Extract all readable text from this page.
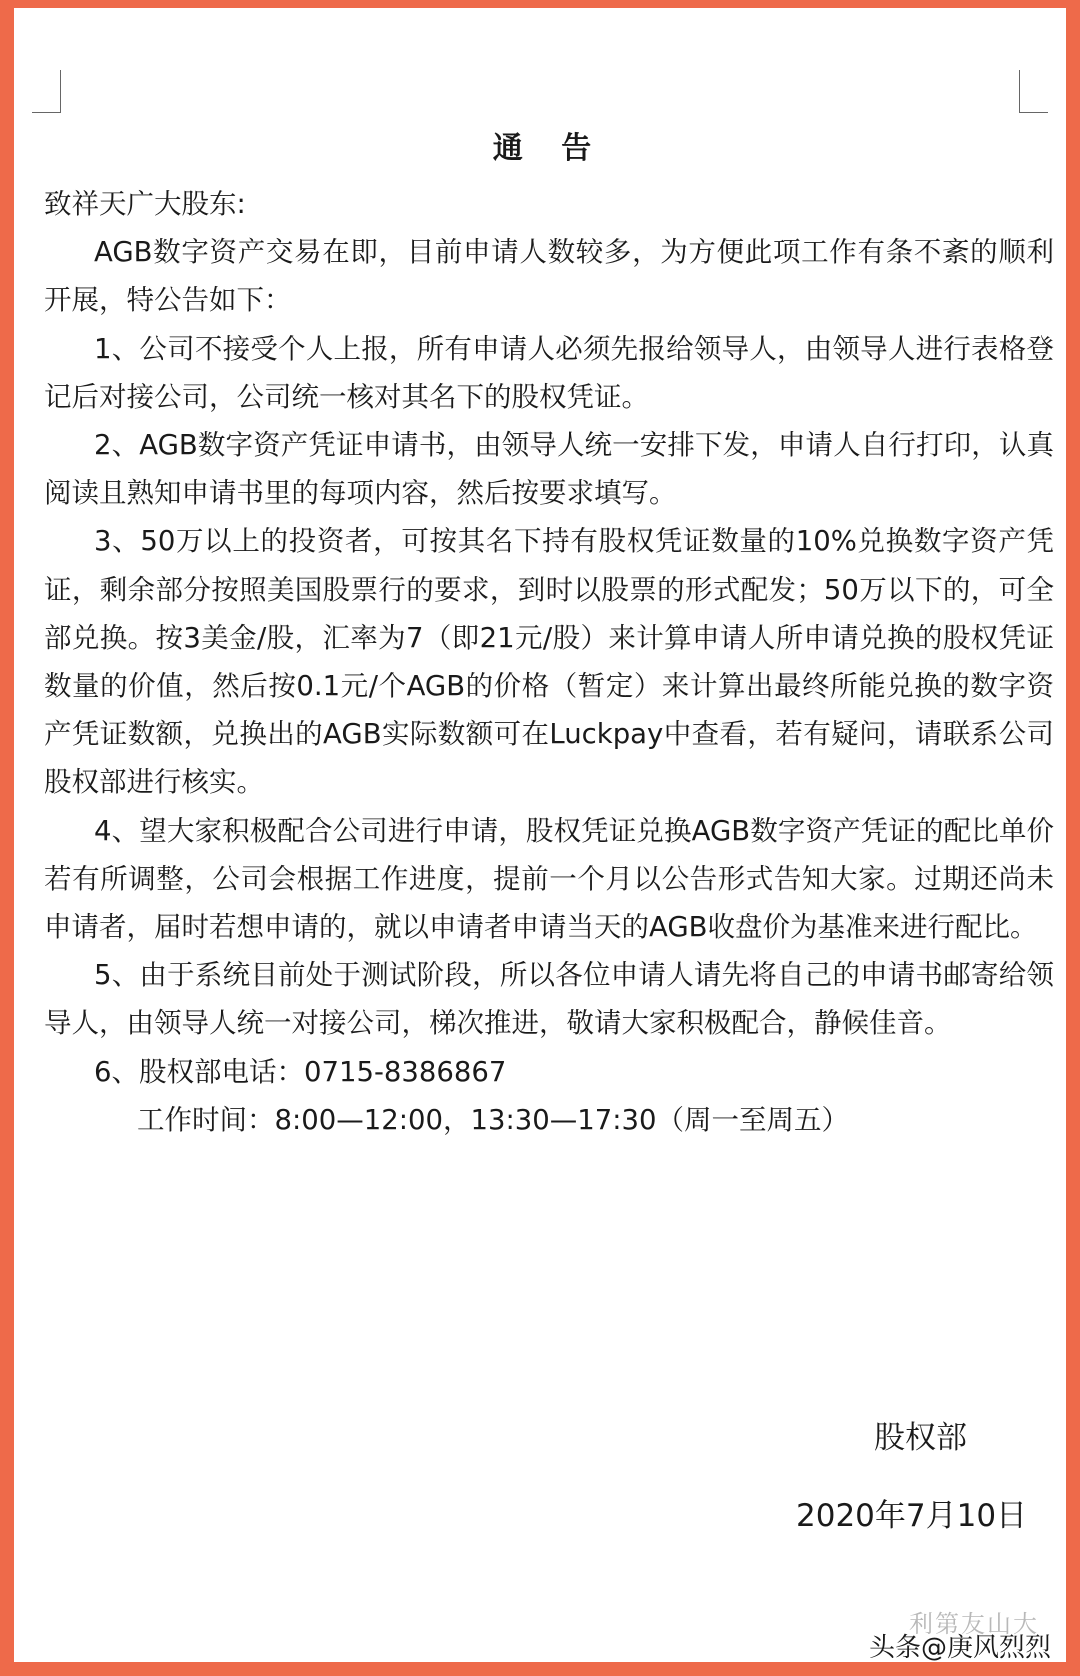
通 告

致祥天广大股东:

AGB数字资产交易在即，目前申请人数较多，为方便此项工作有条不紊的顺利开展，特公告如下：

1、公司不接受个人上报，所有申请人必须先报给领导人，由领导人进行表格登记后对接公司，公司统一核对其名下的股权凭证。

2、AGB数字资产凭证申请书，由领导人统一安排下发，申请人自行打印，认真阅读且熟知申请书里的每项内容，然后按要求填写。

3、50万以上的投资者，可按其名下持有股权凭证数量的10%兑换数字资产凭证，剩余部分按照美国股票行的要求，到时以股票的形式配发；50万以下的，可全部兑换。按3美金/股，汇率为7（即21元/股）来计算申请人所申请兑换的股权凭证数量的价值，然后按0.1元/个AGB的价格（暂定）来计算出最终所能兑换的数字资产凭证数额，兑换出的AGB实际数额可在Luckpay中查看，若有疑问，请联系公司股权部进行核实。

4、望大家积极配合公司进行申请，股权凭证兑换AGB数字资产凭证的配比单价若有所调整，公司会根据工作进度，提前一个月以公告形式告知大家。过期还尚未申请者，届时若想申请的，就以申请者申请当天的AGB收盘价为基准来进行配比。

5、由于系统目前处于测试阶段，所以各位申请人请先将自己的申请书邮寄给领导人，由领导人统一对接公司，梯次推进，敬请大家积极配合，静候佳音。

6、股权部电话：0715-8386867

工作时间：8:00—12:00，13:30—17:30（周一至周五）

股权部
2020年7月10日
利第友山大
头条@庚风烈烈
